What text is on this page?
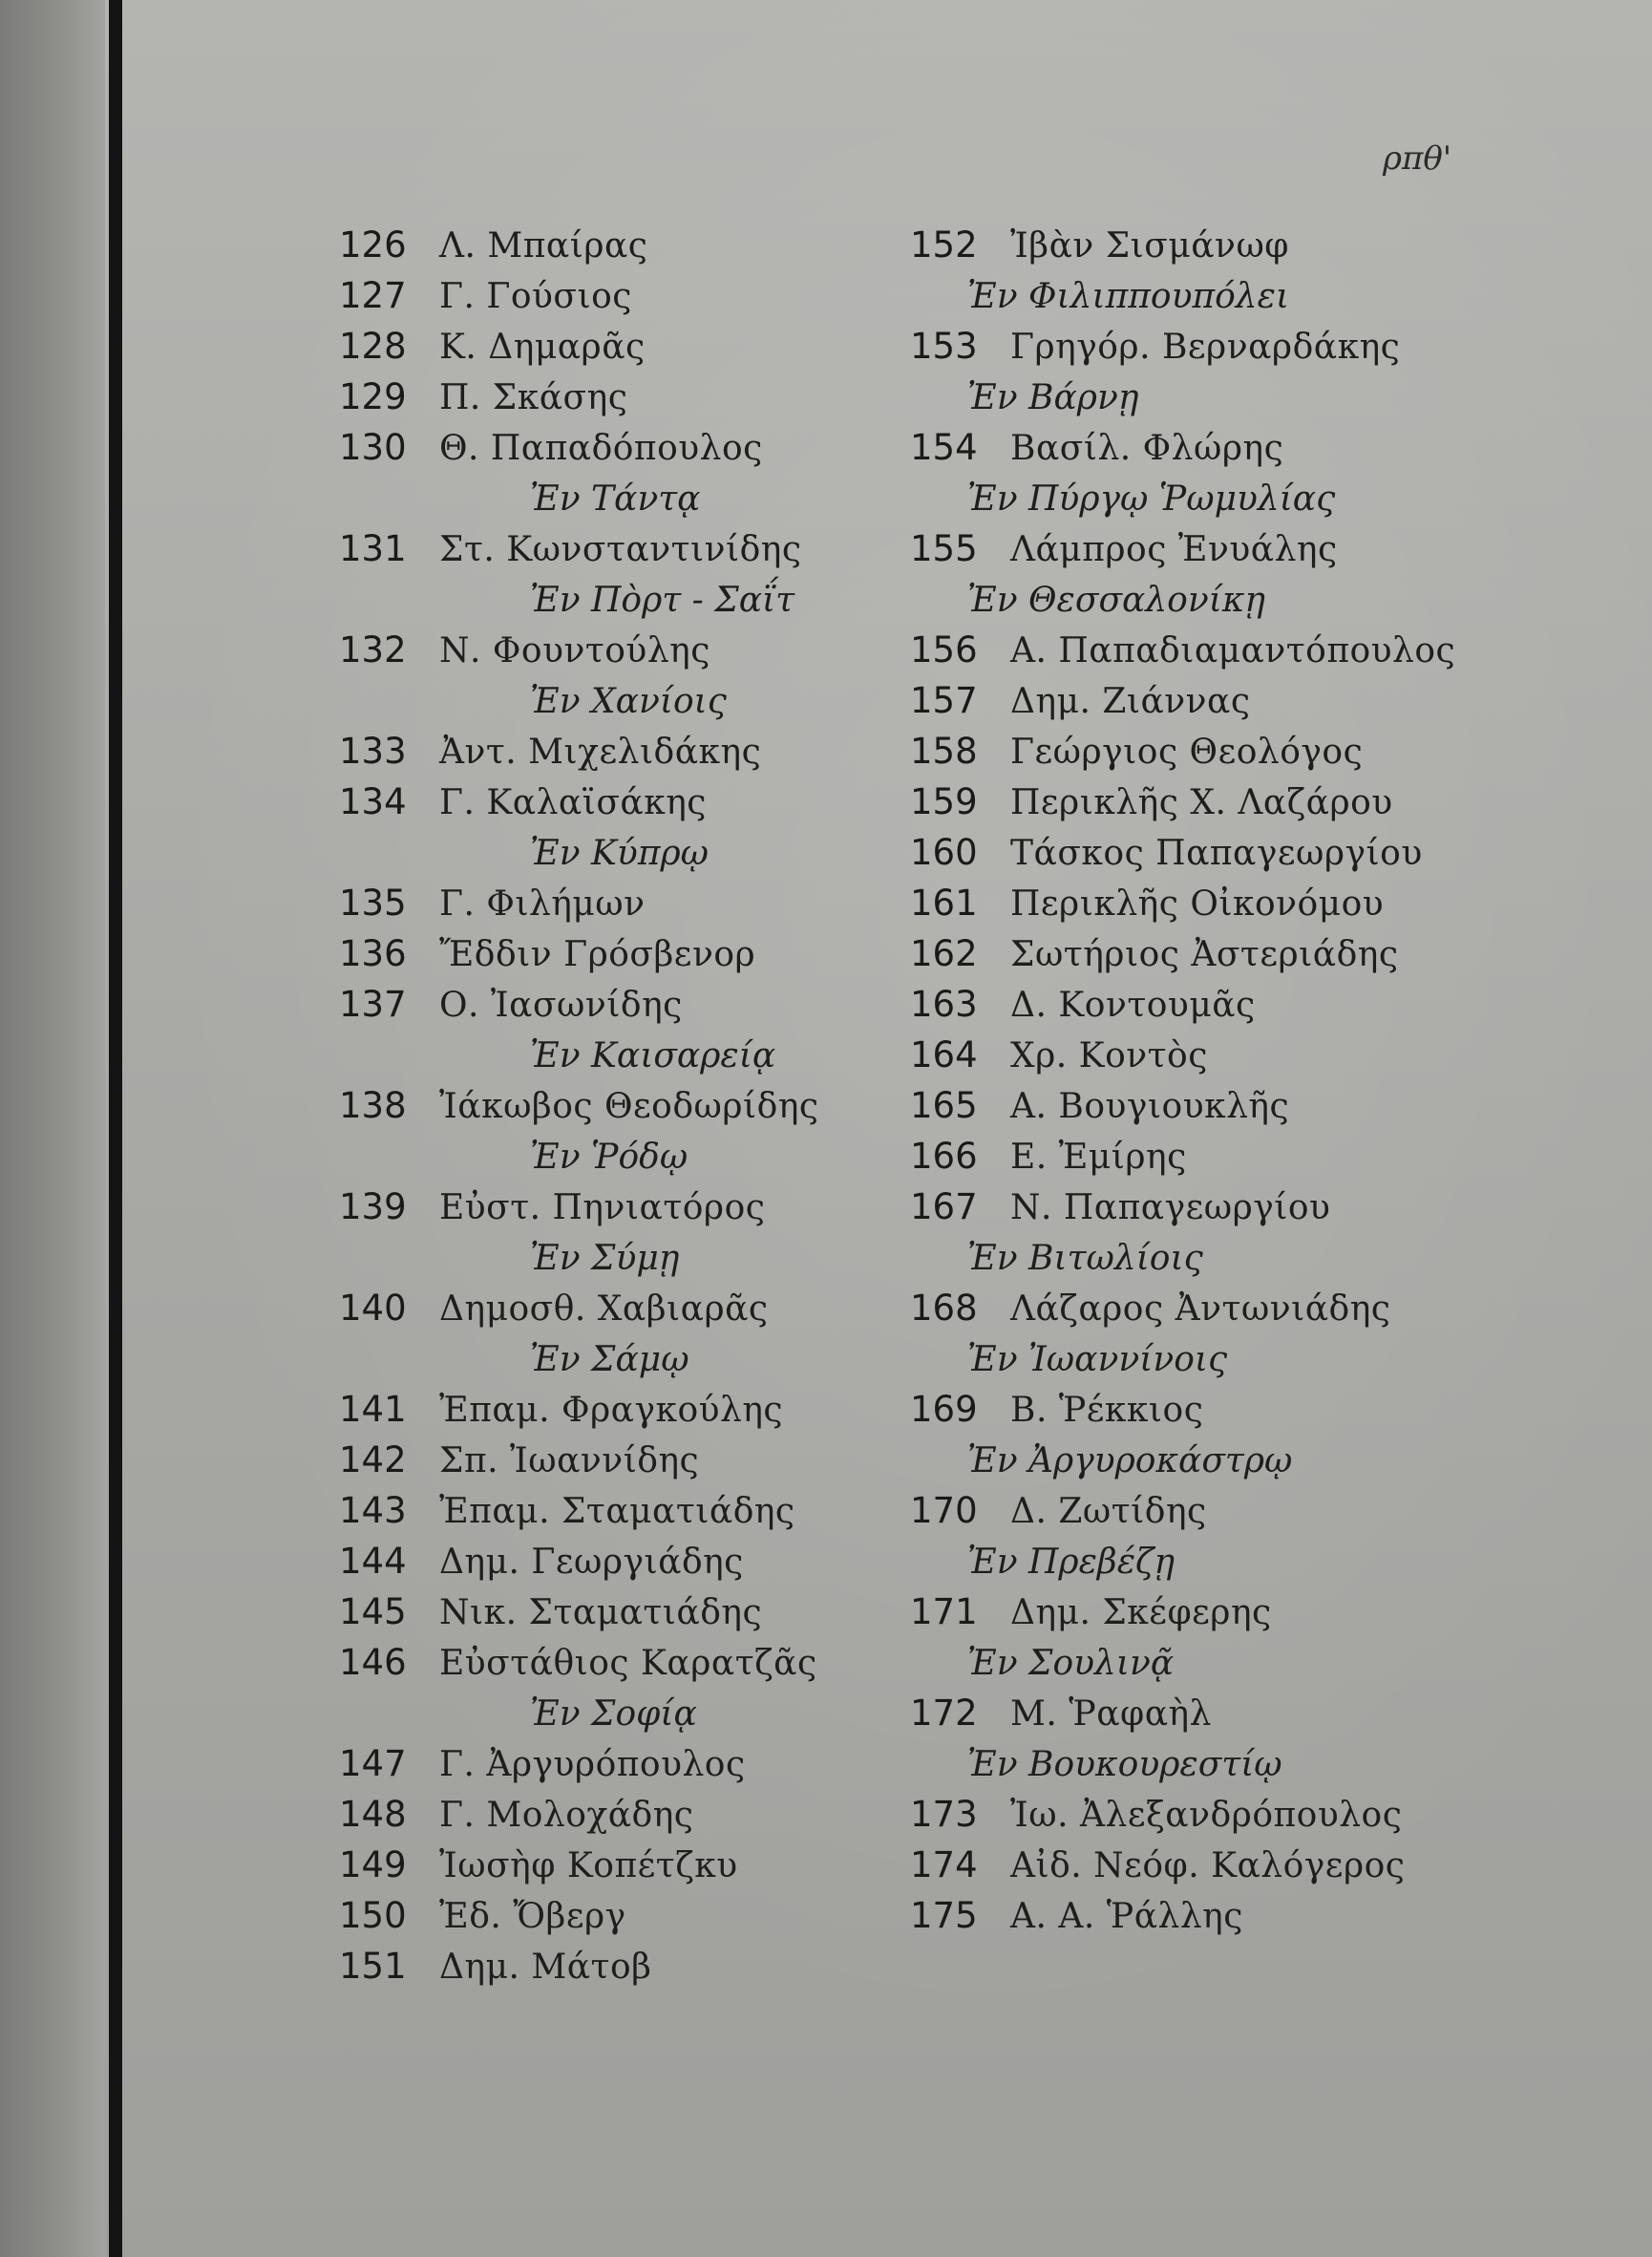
ρπθ'
126 Λ. Μπαίρας
127 Γ. Γούσιος
128 Κ. Δημαρᾶς
129 Π. Σκάσης
130 Θ. Παπαδόπουλος
Ἐν Τάντᾳ
131 Στ. Κωνσταντινίδης
Ἐν Πὸρτ - Σαΐτ
132 Ν. Φουντούλης
Ἐν Χανίοις
133 Ἀντ. Μιχελιδάκης
134 Γ. Καλαϊσάκης
Ἐν Κύπρῳ
135 Γ. Φιλήμων
136 Ἔδδιν Γρόσβενορ
137 Ο. Ἰασωνίδης
Ἐν Καισαρείᾳ
138 Ἰάκωβος Θεοδωρίδης
Ἐν Ῥόδῳ
139 Εὐστ. Πηνιατόρος
Ἐν Σύμῃ
140 Δημοσθ. Χαβιαρᾶς
Ἐν Σάμῳ
141 Ἐπαμ. Φραγκούλης
142 Σπ. Ἰωαννίδης
143 Ἐπαμ. Σταματιάδης
144 Δημ. Γεωργιάδης
145 Νικ. Σταματιάδης
146 Εὐστάθιος Καρατζᾶς
Ἐν Σοφίᾳ
147 Γ. Ἀργυρόπουλος
148 Γ. Μολοχάδης
149 Ἰωσὴφ Κοπέτζκυ
150 Ἐδ. Ὄβεργ
151 Δημ. Μάτοβ
152 Ἰβὰν Σισμάνωφ
Ἐν Φιλιππουπόλει
153 Γρηγόρ. Βερναρδάκης
Ἐν Βάρνῃ
154 Βασίλ. Φλώρης
Ἐν Πύργῳ Ῥωμυλίας
155 Λάμπρος Ἐνυάλης
Ἐν Θεσσαλονίκῃ
156 Α. Παπαδιαμαντόπουλος
157 Δημ. Ζιάννας
158 Γεώργιος Θεολόγος
159 Περικλῆς Χ. Λαζάρου
160 Τάσκος Παπαγεωργίου
161 Περικλῆς Οἰκονόμου
162 Σωτήριος Ἀστεριάδης
163 Δ. Κοντουμᾶς
164 Χρ. Κοντὸς
165 Α. Βουγιουκλῆς
166 Ε. Ἐμίρης
167 Ν. Παπαγεωργίου
Ἐν Βιτωλίοις
168 Λάζαρος Ἀντωνιάδης
Ἐν Ἰωαννίνοις
169 Β. Ῥέκκιος
Ἐν Ἀργυροκάστρῳ
170 Δ. Ζωτίδης
Ἐν Πρεβέζῃ
171 Δημ. Σκέφερης
Ἐν Σουλινᾷ
172 Μ. Ῥαφαὴλ
Ἐν Βουκουρεστίῳ
173 Ἰω. Ἀλεξανδρόπουλος
174 Αἰδ. Νεόφ. Καλόγερος
175 Α. Α. Ῥάλλης
